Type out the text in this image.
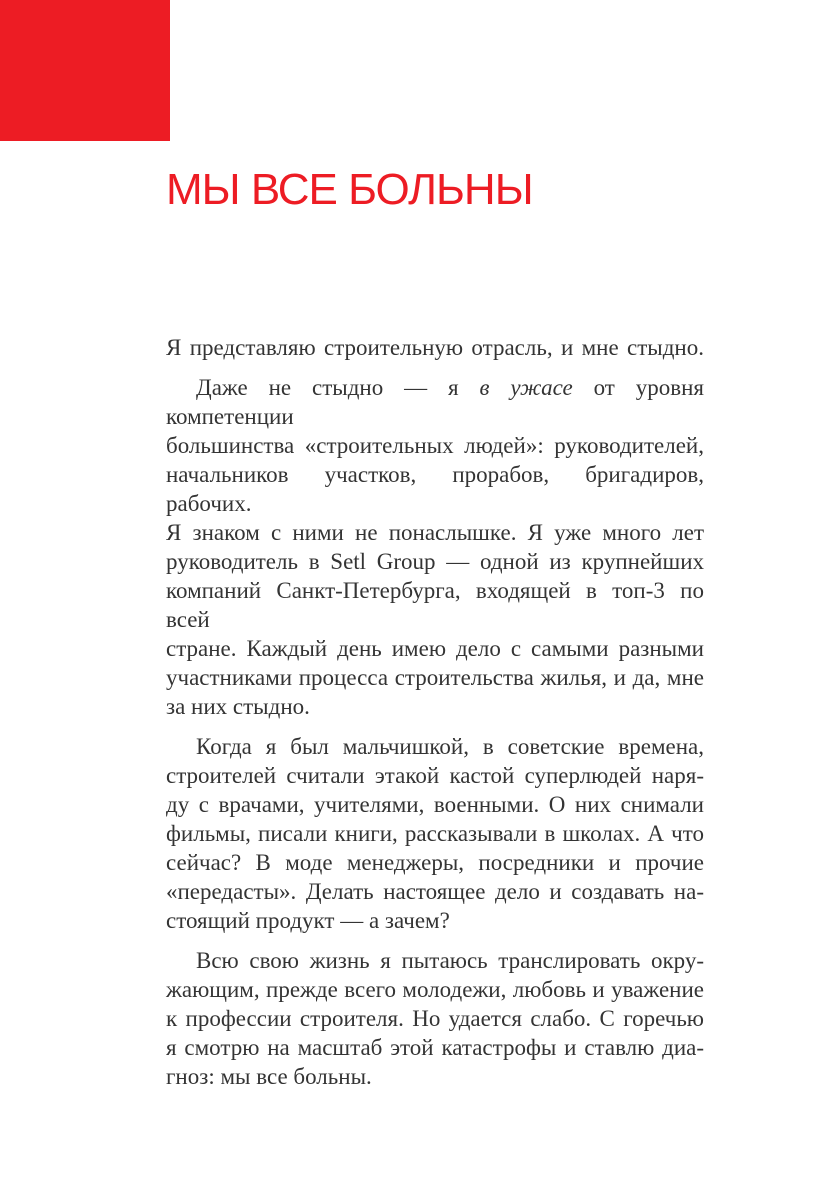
МЫ ВСЕ БОЛЬНЫ
Я представляю строительную отрасль, и мне стыдно.
Даже не стыдно — я в ужасе от уровня компетенции
большинства «строительных людей»: руководителей,
начальников участков, прорабов, бригадиров, рабочих.
Я знаком с ними не понаслышке. Я уже много лет
руководитель в Setl Group — одной из крупнейших
компаний Санкт-Петербурга, входящей в топ-3 по всей
стране. Каждый день имею дело с самыми разными
участниками процесса строительства жилья, и да, мне
за них стыдно.
Когда я был мальчишкой, в советские времена,
строителей считали этакой кастой суперлюдей наря-
ду с врачами, учителями, военными. О них снимали
фильмы, писали книги, рассказывали в школах. А что
сейчас? В моде менеджеры, посредники и прочие
«передасты». Делать настоящее дело и создавать на-
стоящий продукт — а зачем?
Всю свою жизнь я пытаюсь транслировать окру-
жающим, прежде всего молодежи, любовь и уважение
к профессии строителя. Но удается слабо. С горечью
я смотрю на масштаб этой катастрофы и ставлю диа-
гноз: мы все больны.
